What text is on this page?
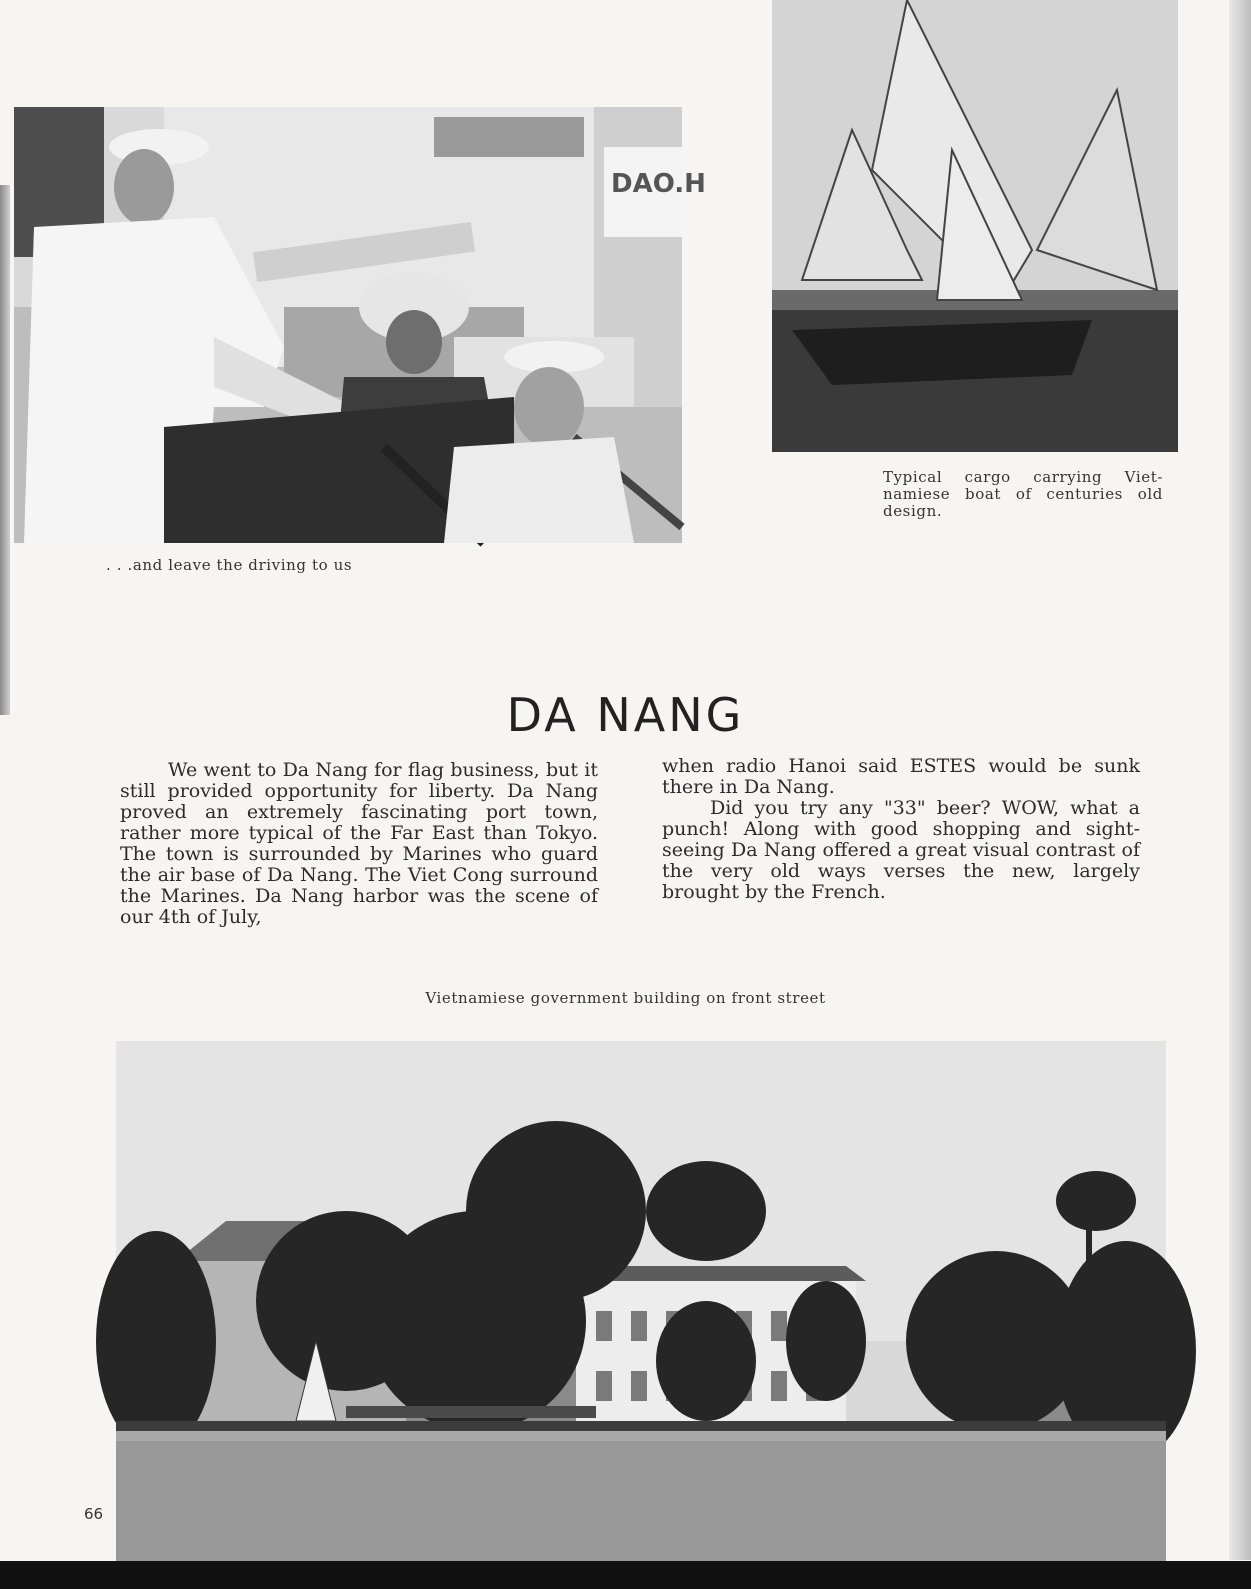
DAO.H
. . .and leave the driving to us
Typical cargo carrying Viet-namiese boat of centuries old design.
DA NANG

We went to Da Nang for flag business, but it still provided opportunity for liberty. Da Nang proved an extremely fascinating port town, rather more typical of the Far East than Tokyo. The town is surrounded by Marines who guard the air base of Da Nang. The Viet Cong surround the Marines. Da Nang harbor was the scene of our 4th of July,

when radio Hanoi said ESTES would be sunk there in Da Nang.

Did you try any "33" beer? WOW, what a punch! Along with good shopping and sight-seeing Da Nang offered a great visual contrast of the very old ways verses the new, largely brought by the French.

Vietnamiese government building on front street
66
